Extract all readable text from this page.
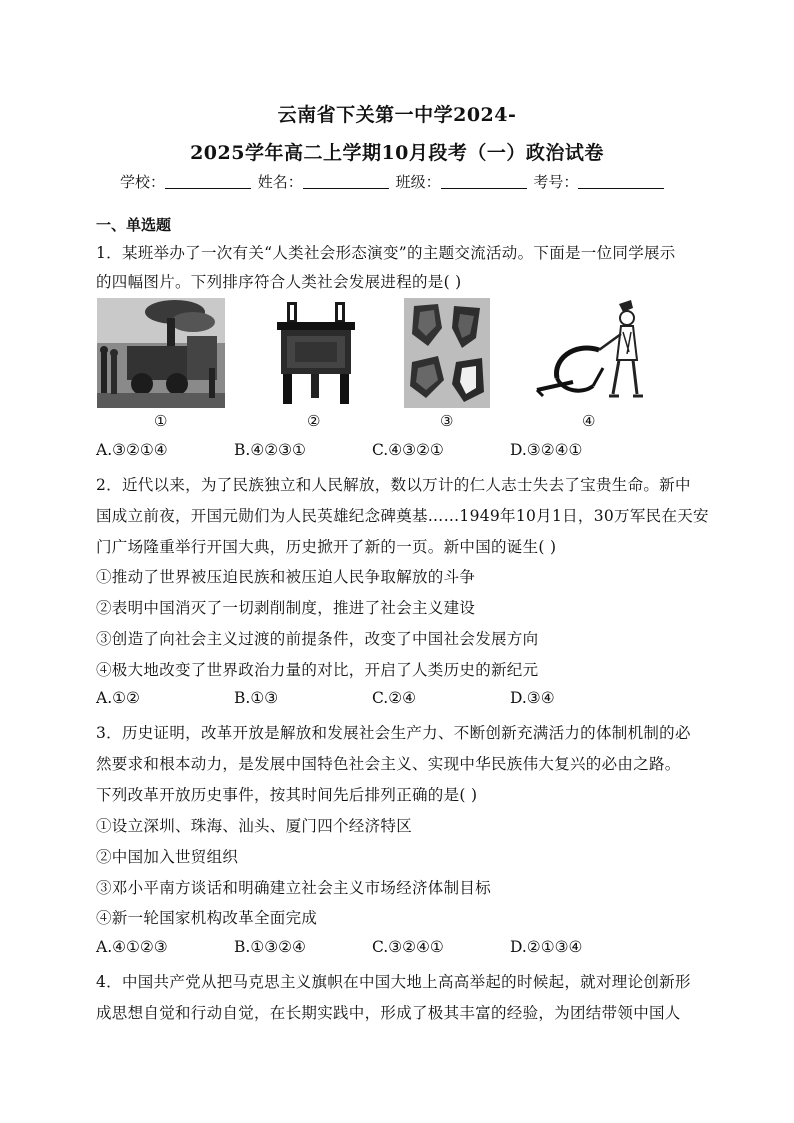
云南省下关第一中学2024-
2025学年高二上学期10月段考（一）政治试卷
学校：	姓名：	班级：	考号：
一、单选题
1．某班举办了一次有关“人类社会形态演变”的主题交流活动。下面是一位同学展示
的四幅图片。下列排序符合人类社会发展进程的是( )
①	②	③	④
A.③②①④	B.④②③①	C.④③②①	D.③②④①
2．近代以来，为了民族独立和人民解放，数以万计的仁人志士失去了宝贵生命。新中
国成立前夜，开国元勋们为人民英雄纪念碑奠基……1949年10月1日，30万军民在天安
门广场隆重举行开国大典，历史掀开了新的一页。新中国的诞生( )
①推动了世界被压迫民族和被压迫人民争取解放的斗争
②表明中国消灭了一切剥削制度，推进了社会主义建设
③创造了向社会主义过渡的前提条件，改变了中国社会发展方向
④极大地改变了世界政治力量的对比，开启了人类历史的新纪元
A.①②	B.①③	C.②④	D.③④
3．历史证明，改革开放是解放和发展社会生产力、不断创新充满活力的体制机制的必
然要求和根本动力，是发展中国特色社会主义、实现中华民族伟大复兴的必由之路。
下列改革开放历史事件，按其时间先后排列正确的是( )
①设立深圳、珠海、汕头、厦门四个经济特区
②中国加入世贸组织
③邓小平南方谈话和明确建立社会主义市场经济体制目标
④新一轮国家机构改革全面完成
A.④①②③	B.①③②④	C.③②④①	D.②①③④
4．中国共产党从把马克思主义旗帜在中国大地上高高举起的时候起，就对理论创新形
成思想自觉和行动自觉，在长期实践中，形成了极其丰富的经验，为团结带领中国人
